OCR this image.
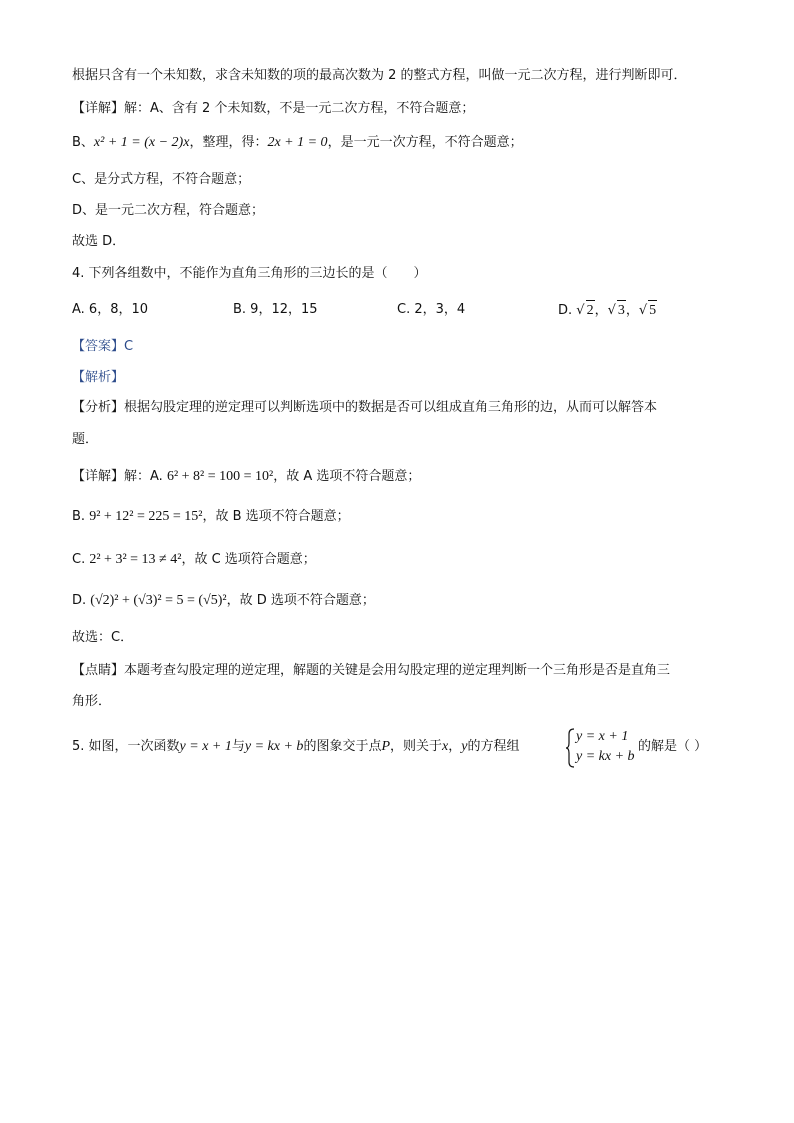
根据只含有一个未知数，求含未知数的项的最高次数为 2 的整式方程，叫做一元二次方程，进行判断即可．
【详解】解：A、含有 2 个未知数，不是一元二次方程，不符合题意；
B、x² + 1 = (x − 2)x，整理，得：2x + 1 = 0，是一元一次方程，不符合题意；
C、是分式方程，不符合题意；
D、是一元二次方程，符合题意；
故选 D．
4. 下列各组数中，不能作为直角三角形的三边长的是（　　）
A. 6，8，10	B. 9，12，15	C. 2，3，4	D. √ 2，√ 3，√ 5
【答案】C
【解析】
【分析】根据勾股定理的逆定理可以判断选项中的数据是否可以组成直角三角形的边，从而可以解答本
题．
【详解】解：A. 6² + 8² = 100 = 10²，故 A 选项不符合题意；
B. 9² + 12² = 225 = 15²，故 B 选项不符合题意；
C. 2² + 3² = 13 ≠ 4²，故 C 选项符合题意；
D. (√2)² + (√3)² = 5 = (√5)²，故 D 选项不符合题意；
故选：C．
【点睛】本题考查勾股定理的逆定理，解题的关键是会用勾股定理的逆定理判断一个三角形是否是直角三
角形．
5. 如图，一次函数y = x + 1与y = kx + b的图象交于点P，则关于x，y的方程组
y = x + 1
y = kx + b
的解是（ ）
